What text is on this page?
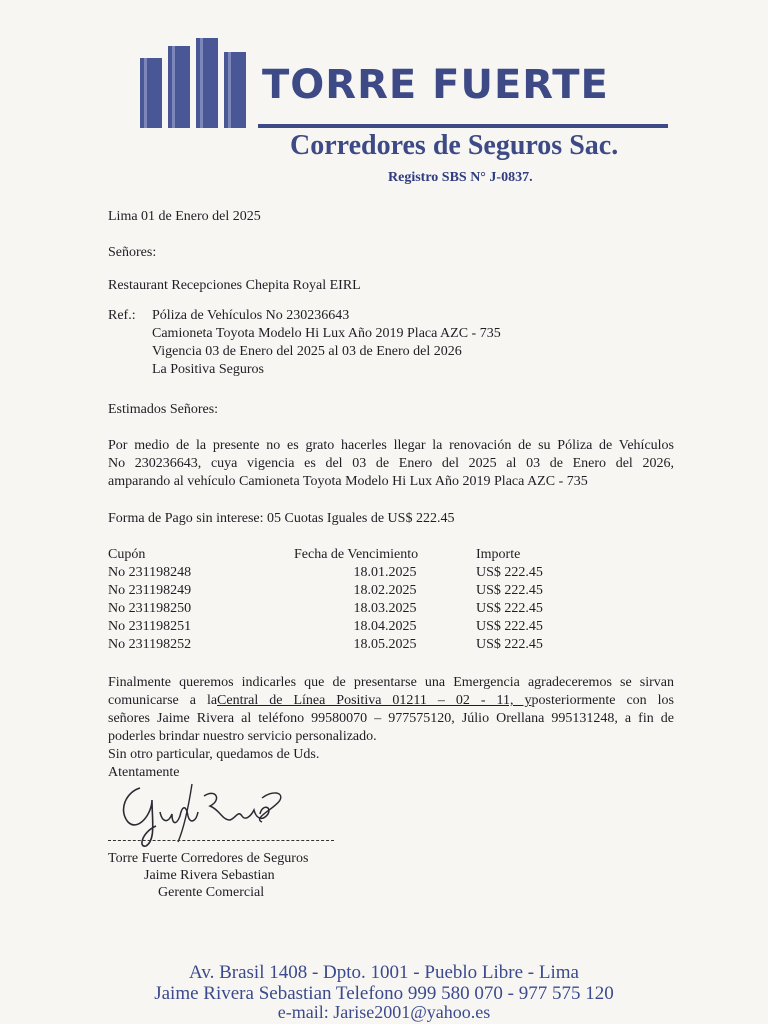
TORRE FUERTE
Corredores de Seguros Sac.
Registro SBS N° J-0837.
Lima 01 de Enero del 2025
Señores:
Restaurant Recepciones Chepita Royal EIRL
Ref.: Póliza de Vehículos No 230236643
Camioneta Toyota Modelo Hi Lux Año 2019 Placa AZC - 735
Vigencia 03 de Enero del 2025 al 03 de Enero del 2026
La Positiva Seguros
Estimados Señores:
Por medio de la presente no es grato hacerles llegar la renovación de su Póliza de Vehículos
No 230236643, cuya vigencia es del 03 de Enero del 2025 al 03 de Enero del 2026,
amparando al vehículo Camioneta Toyota Modelo Hi Lux Año 2019 Placa AZC - 735
Forma de Pago sin interese: 05 Cuotas Iguales de US$ 222.45
Cupón	Fecha de Vencimiento	Importe
No 231198248	18.01.2025	US$ 222.45
No 231198249	18.02.2025	US$ 222.45
No 231198250	18.03.2025	US$ 222.45
No 231198251	18.04.2025	US$ 222.45
No 231198252	18.05.2025	US$ 222.45
Finalmente queremos indicarles que de presentarse una Emergencia agradeceremos se sirvan
comunicarse a laCentral de Línea Positiva 01211 – 02 - 11, yposteriormente con los
señores Jaime Rivera al teléfono 99580070 – 977575120, Júlio Orellana 995131248, a fin de
poderles brindar nuestro servicio personalizado.
Sin otro particular, quedamos de Uds.
Atentamente
Torre Fuerte Corredores de Seguros
Jaime Rivera Sebastian
Gerente Comercial
Av. Brasil 1408 - Dpto. 1001 - Pueblo Libre - Lima
Jaime Rivera Sebastian Telefono 999 580 070 - 977 575 120
e-mail: Jarise2001@yahoo.es
